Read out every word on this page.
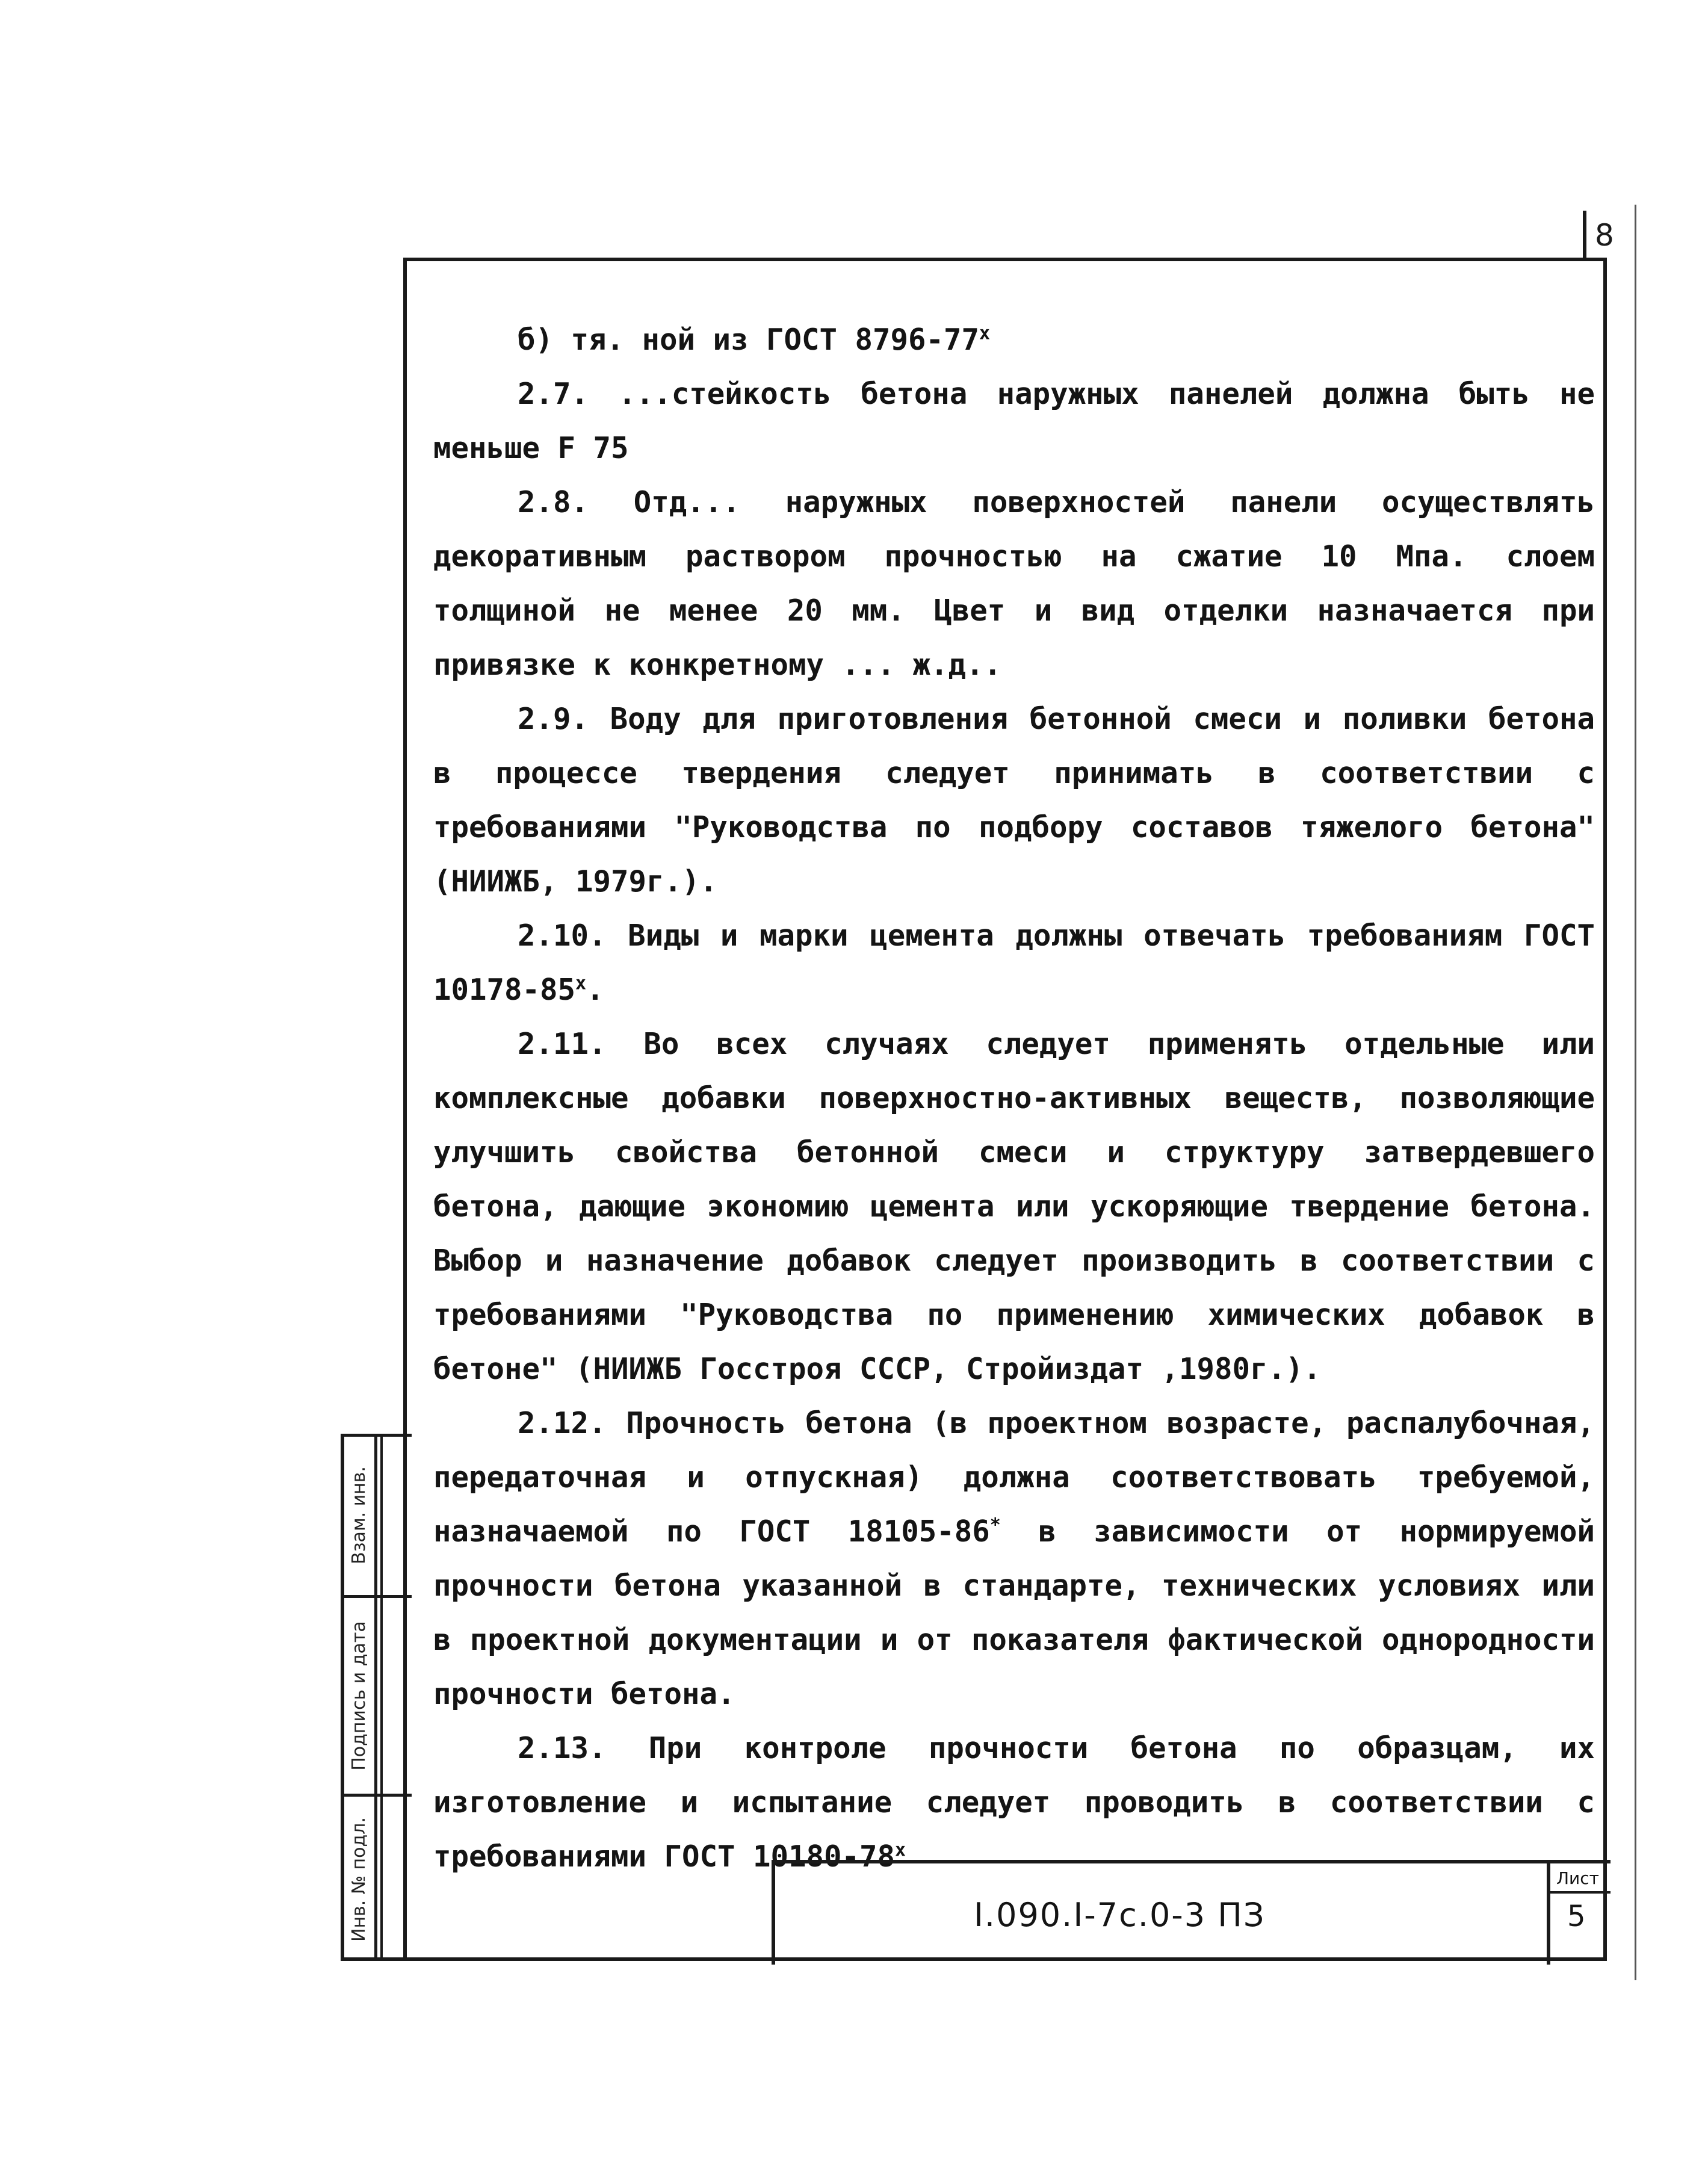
8

б) тя. ной из ГОСТ $8796-77^х$

2.7. ...стейкость бетона наружных панелей должна быть не меньше F 75

2.8. Отд... наружных поверхностей панели осуществлять декоративным раствором прочностью на сжатие 10 Мпа. слоем толщиной не менее 20 мм. Цвет и вид отделки назначается при привязке к конкретному ... ж.д..

2.9. Воду для приготовления бетонной смеси и поливки бетона в процессе твердения следует принимать в соответствии с требованиями "Руководства по подбору составов тяжелого бетона" (НИИЖБ, 1979г.).

2.10. Виды и марки цемента должны отвечать требованиям ГОСТ $10178-85^х$.

2.11. Во всех случаях следует применять отдельные или комплексные добавки поверхностно-активных веществ, позволяющие улучшить свойства бетонной смеси и структуру затвердевшего бетона, дающие экономию цемента или ускоряющие твердение бетона. Выбор и назначение добавок следует производить в соответствии с требованиями "Руководства по применению химических добавок в бетоне" (НИИЖБ Госстроя СССР, Стройиздат ,1980г.).

2.12. Прочность бетона (в проектном возрасте, распалубочная, передаточная и отпускная) должна соответствовать требуемой, назначаемой по ГОСТ 18105-86* в зависимости от нормируемой прочности бетона указанной в стандарте, технических условиях или в проектной документации и от показателя фактической однородности прочности бетона.

2.13. При контроле прочности бетона по образцам, их изготовление и испытание следует проводить в соответствии с требованиями ГОСТ $10180-78^х$

Взам. инв.
Подпись и дата
Инв. № подл.	I.090.I-7с.0-3 ПЗ
Лист
5
